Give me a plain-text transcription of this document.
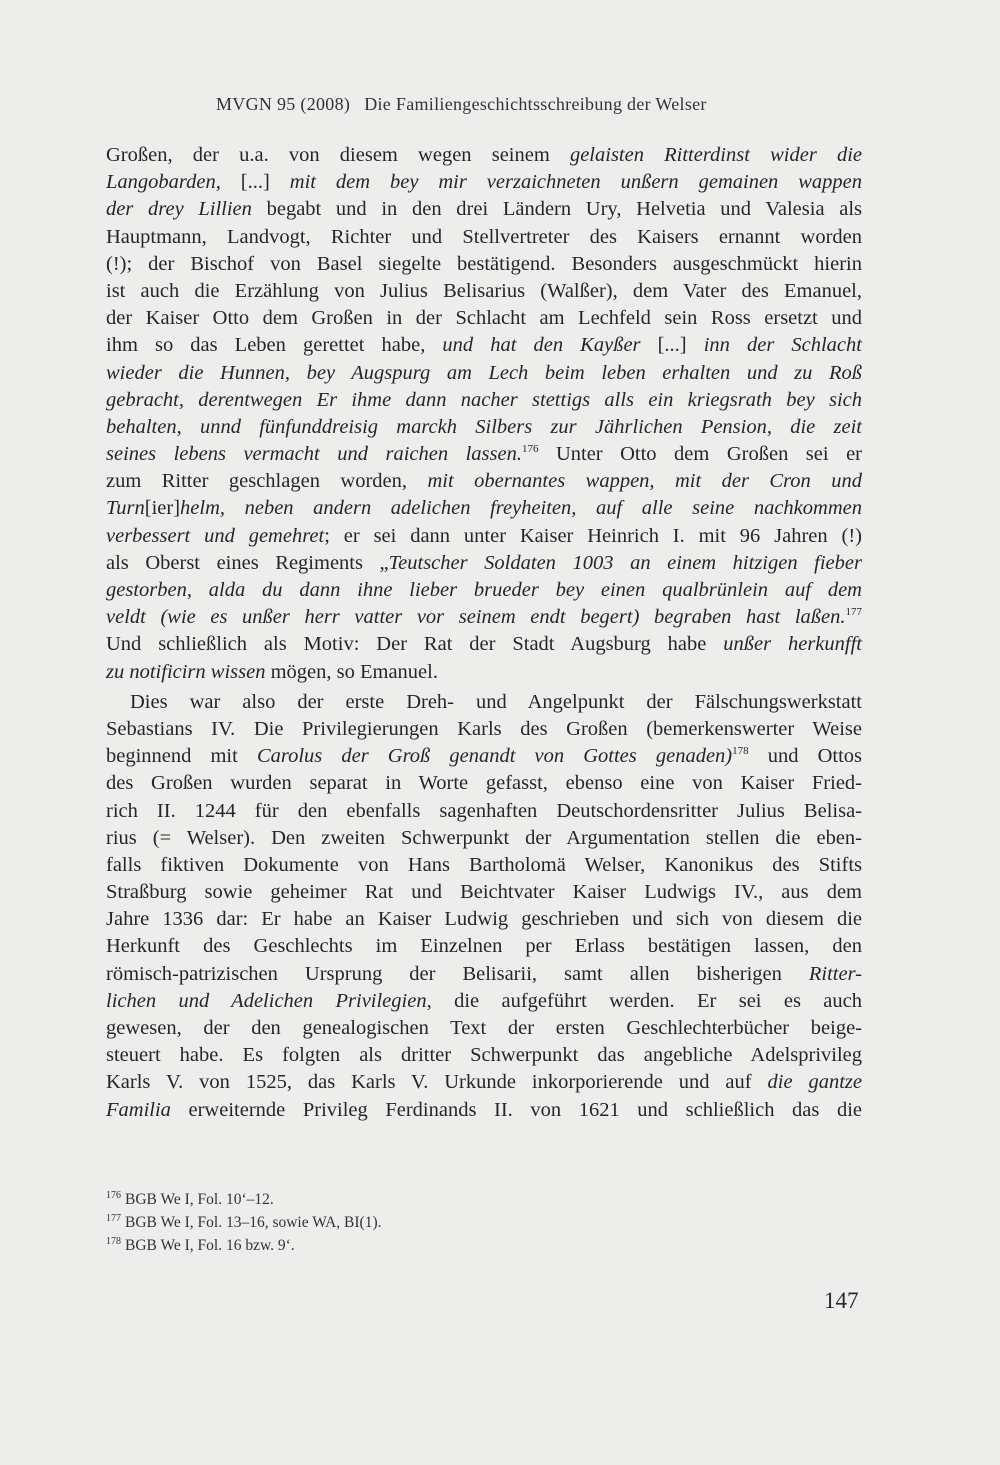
MVGN 95 (2008) Die Familiengeschichtsschreibung der Welser

Großen, der u.a. von diesem wegen seinem gelaisten Ritterdinst wider die
Langobarden, [...] mit dem bey mir verzaichneten unßern gemainen wappen
der drey Lillien begabt und in den drei Ländern Ury, Helvetia und Valesia als
Hauptmann, Landvogt, Richter und Stellvertreter des Kaisers ernannt worden
(!); der Bischof von Basel siegelte bestätigend. Besonders ausgeschmückt hierin
ist auch die Erzählung von Julius Belisarius (Walßer), dem Vater des Emanuel,
der Kaiser Otto dem Großen in der Schlacht am Lechfeld sein Ross ersetzt und
ihm so das Leben gerettet habe, und hat den Kayßer [...] inn der Schlacht
wieder die Hunnen, bey Augspurg am Lech beim leben erhalten und zu Roß
gebracht, derentwegen Er ihme dann nacher stettigs alls ein kriegsrath bey sich
behalten, unnd fünfunddreisig marckh Silbers zur Jährlichen Pension, die zeit
seines lebens vermacht und raichen lassen.$^{176}$ Unter Otto dem Großen sei er
zum Ritter geschlagen worden, mit obernantes wappen, mit der Cron und
Turn[ier]helm, neben andern adelichen freyheiten, auf alle seine nachkommen
verbessert und gemehret; er sei dann unter Kaiser Heinrich I. mit 96 Jahren (!)
als Oberst eines Regiments „Teutscher Soldaten 1003 an einem hitzigen fieber
gestorben, alda du dann ihne lieber brueder bey einen qualbrünlein auf dem
veldt (wie es unßer herr vatter vor seinem endt begert) begraben hast laßen.$^{177}$
Und schließlich als Motiv: Der Rat der Stadt Augsburg habe unßer herkunfft
zu notificirn wissen mögen, so Emanuel.

Dies war also der erste Dreh- und Angelpunkt der Fälschungswerkstatt
Sebastians IV. Die Privilegierungen Karls des Großen (bemerkenswerter Weise
beginnend mit Carolus der Groß genandt von Gottes genaden)$^{178}$ und Ottos
des Großen wurden separat in Worte gefasst, ebenso eine von Kaiser Fried-
rich II. 1244 für den ebenfalls sagenhaften Deutschordensritter Julius Belisa-
rius (= Welser). Den zweiten Schwerpunkt der Argumentation stellen die eben-
falls fiktiven Dokumente von Hans Bartholomä Welser, Kanonikus des Stifts
Straßburg sowie geheimer Rat und Beichtvater Kaiser Ludwigs IV., aus dem
Jahre 1336 dar: Er habe an Kaiser Ludwig geschrieben und sich von diesem die
Herkunft des Geschlechts im Einzelnen per Erlass bestätigen lassen, den
römisch-patrizischen Ursprung der Belisarii, samt allen bisherigen Ritter-
lichen und Adelichen Privilegien, die aufgeführt werden. Er sei es auch
gewesen, der den genealogischen Text der ersten Geschlechterbücher beige-
steuert habe. Es folgten als dritter Schwerpunkt das angebliche Adelsprivileg
Karls V. von 1525, das Karls V. Urkunde inkorporierende und auf die gantze
Familia erweiternde Privileg Ferdinands II. von 1621 und schließlich das die

$^{176}$ BGB We I, Fol. 10‘–12.
$^{177}$ BGB We I, Fol. 13–16, sowie WA, BI(1).
$^{178}$ BGB We I, Fol. 16 bzw. 9‘.
147
